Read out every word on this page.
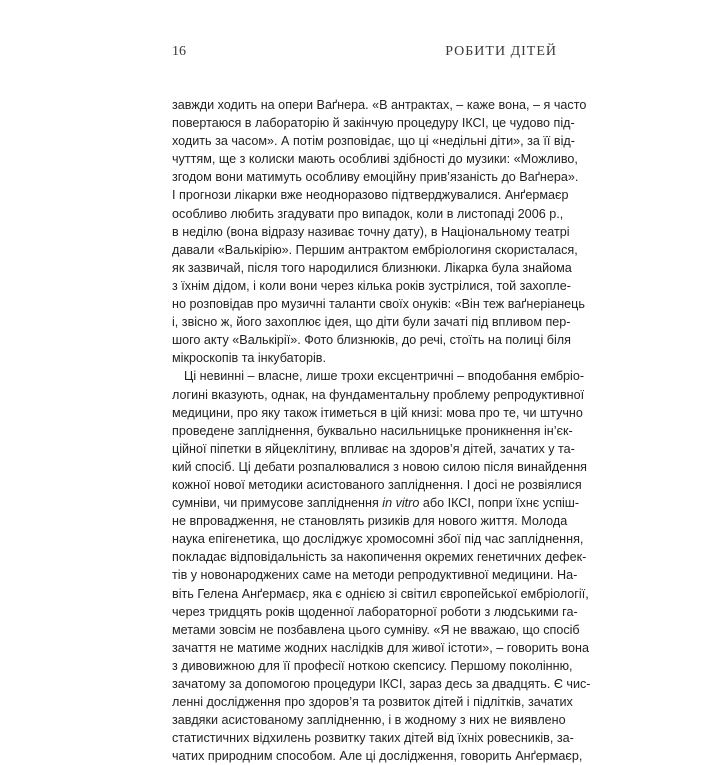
16	РОБИТИ ДІТЕЙ
завжди ходить на опери Ваґнера. «В антрактах, – каже вона, – я часто
повертаюся в лабораторію й закінчую процедуру ІКСІ, це чудово під-
ходить за часом». А потім розповідає, що ці «недільні діти», за її від-
чуттям, ще з колиски мають особливі здібності до музики: «Можливо,
згодом вони матимуть особливу емоційну прив’язаність до Ваґнера».
І прогнози лікарки вже неодноразово підтверджувалися. Анґермаєр
особливо любить згадувати про випадок, коли в листопаді 2006 р.,
в неділю (вона відразу називає точну дату), в Національному театрі
давали «Валькірію». Першим антрактом ембріологиня скористалася,
як зазвичай, після того народилися близнюки. Лікарка була знайома
з їхнім дідом, і коли вони через кілька років зустрілися, той захопле-
но розповідав про музичні таланти своїх онуків: «Він теж ваґнеріанець
і, звісно ж, його захоплює ідея, що діти були зачаті під впливом пер-
шого акту «Валькірії». Фото близнюків, до речі, стоїть на полиці біля
мікроскопів та інкубаторів.
Ці невинні – власне, лише трохи ексцентричні – вподобання ембріо-
логині вказують, однак, на фундаментальну проблему репродуктивної
медицини, про яку також ітиметься в цій книзі: мова про те, чи штучно
проведене запліднення, буквально насильницьке проникнення ін’єк-
ційної піпетки в яйцеклітину, впливає на здоров’я дітей, зачатих у та-
кий спосіб. Ці дебати розпалювалися з новою силою після винайдення
кожної нової методики асистованого запліднення. І досі не розвіялися
сумніви, чи примусове запліднення in vitro або ІКСІ, попри їхнє успіш-
не впровадження, не становлять ризиків для нового життя. Молода
наука епігенетика, що досліджує хромосомні збої під час запліднення,
покладає відповідальність за накопичення окремих генетичних дефек-
тів у новонароджених саме на методи репродуктивної медицини. На-
віть Гелена Анґермаєр, яка є однією зі світил європейської ембріології,
через тридцять років щоденної лабораторної роботи з людськими га-
метами зовсім не позбавлена цього сумніву. «Я не вважаю, що спосіб
зачаття не матиме жодних наслідків для живої істоти», – говорить вона
з дивовижною для її професії ноткою скепсису. Першому поколінню,
зачатому за допомогою процедури ІКСІ, зараз десь за двадцять. Є чис-
ленні дослідження про здоров’я та розвиток дітей і підлітків, зачатих
завдяки асистованому заплідненню, і в жодному з них не виявлено
статистичних відхилень розвитку таких дітей від їхніх ровесників, за-
чатих природним способом. Але ці дослідження, говорить Анґермаєр,
